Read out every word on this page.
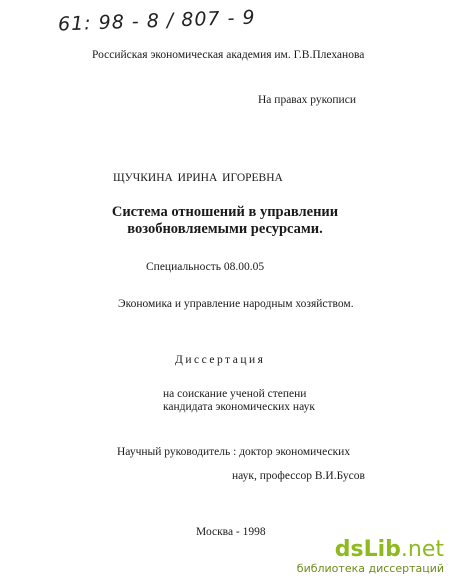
61: 98 - 8 / 807 - 9
Российская экономическая академия им. Г.В.Плеханова
На правах рукописи
ЩУЧКИНА ИРИНА ИГОРЕВНА
Система отношений в управлении
возобновляемыми ресурсами.
Специальность 08.00.05
Экономика и управление народным хозяйством.
Диссертация
на соискание ученой степени
кандидата экономических наук
Научный руководитель : доктор экономических
наук, профессор В.И.Бусов
Москва - 1998
dsLib.net
библиотека диссертаций
